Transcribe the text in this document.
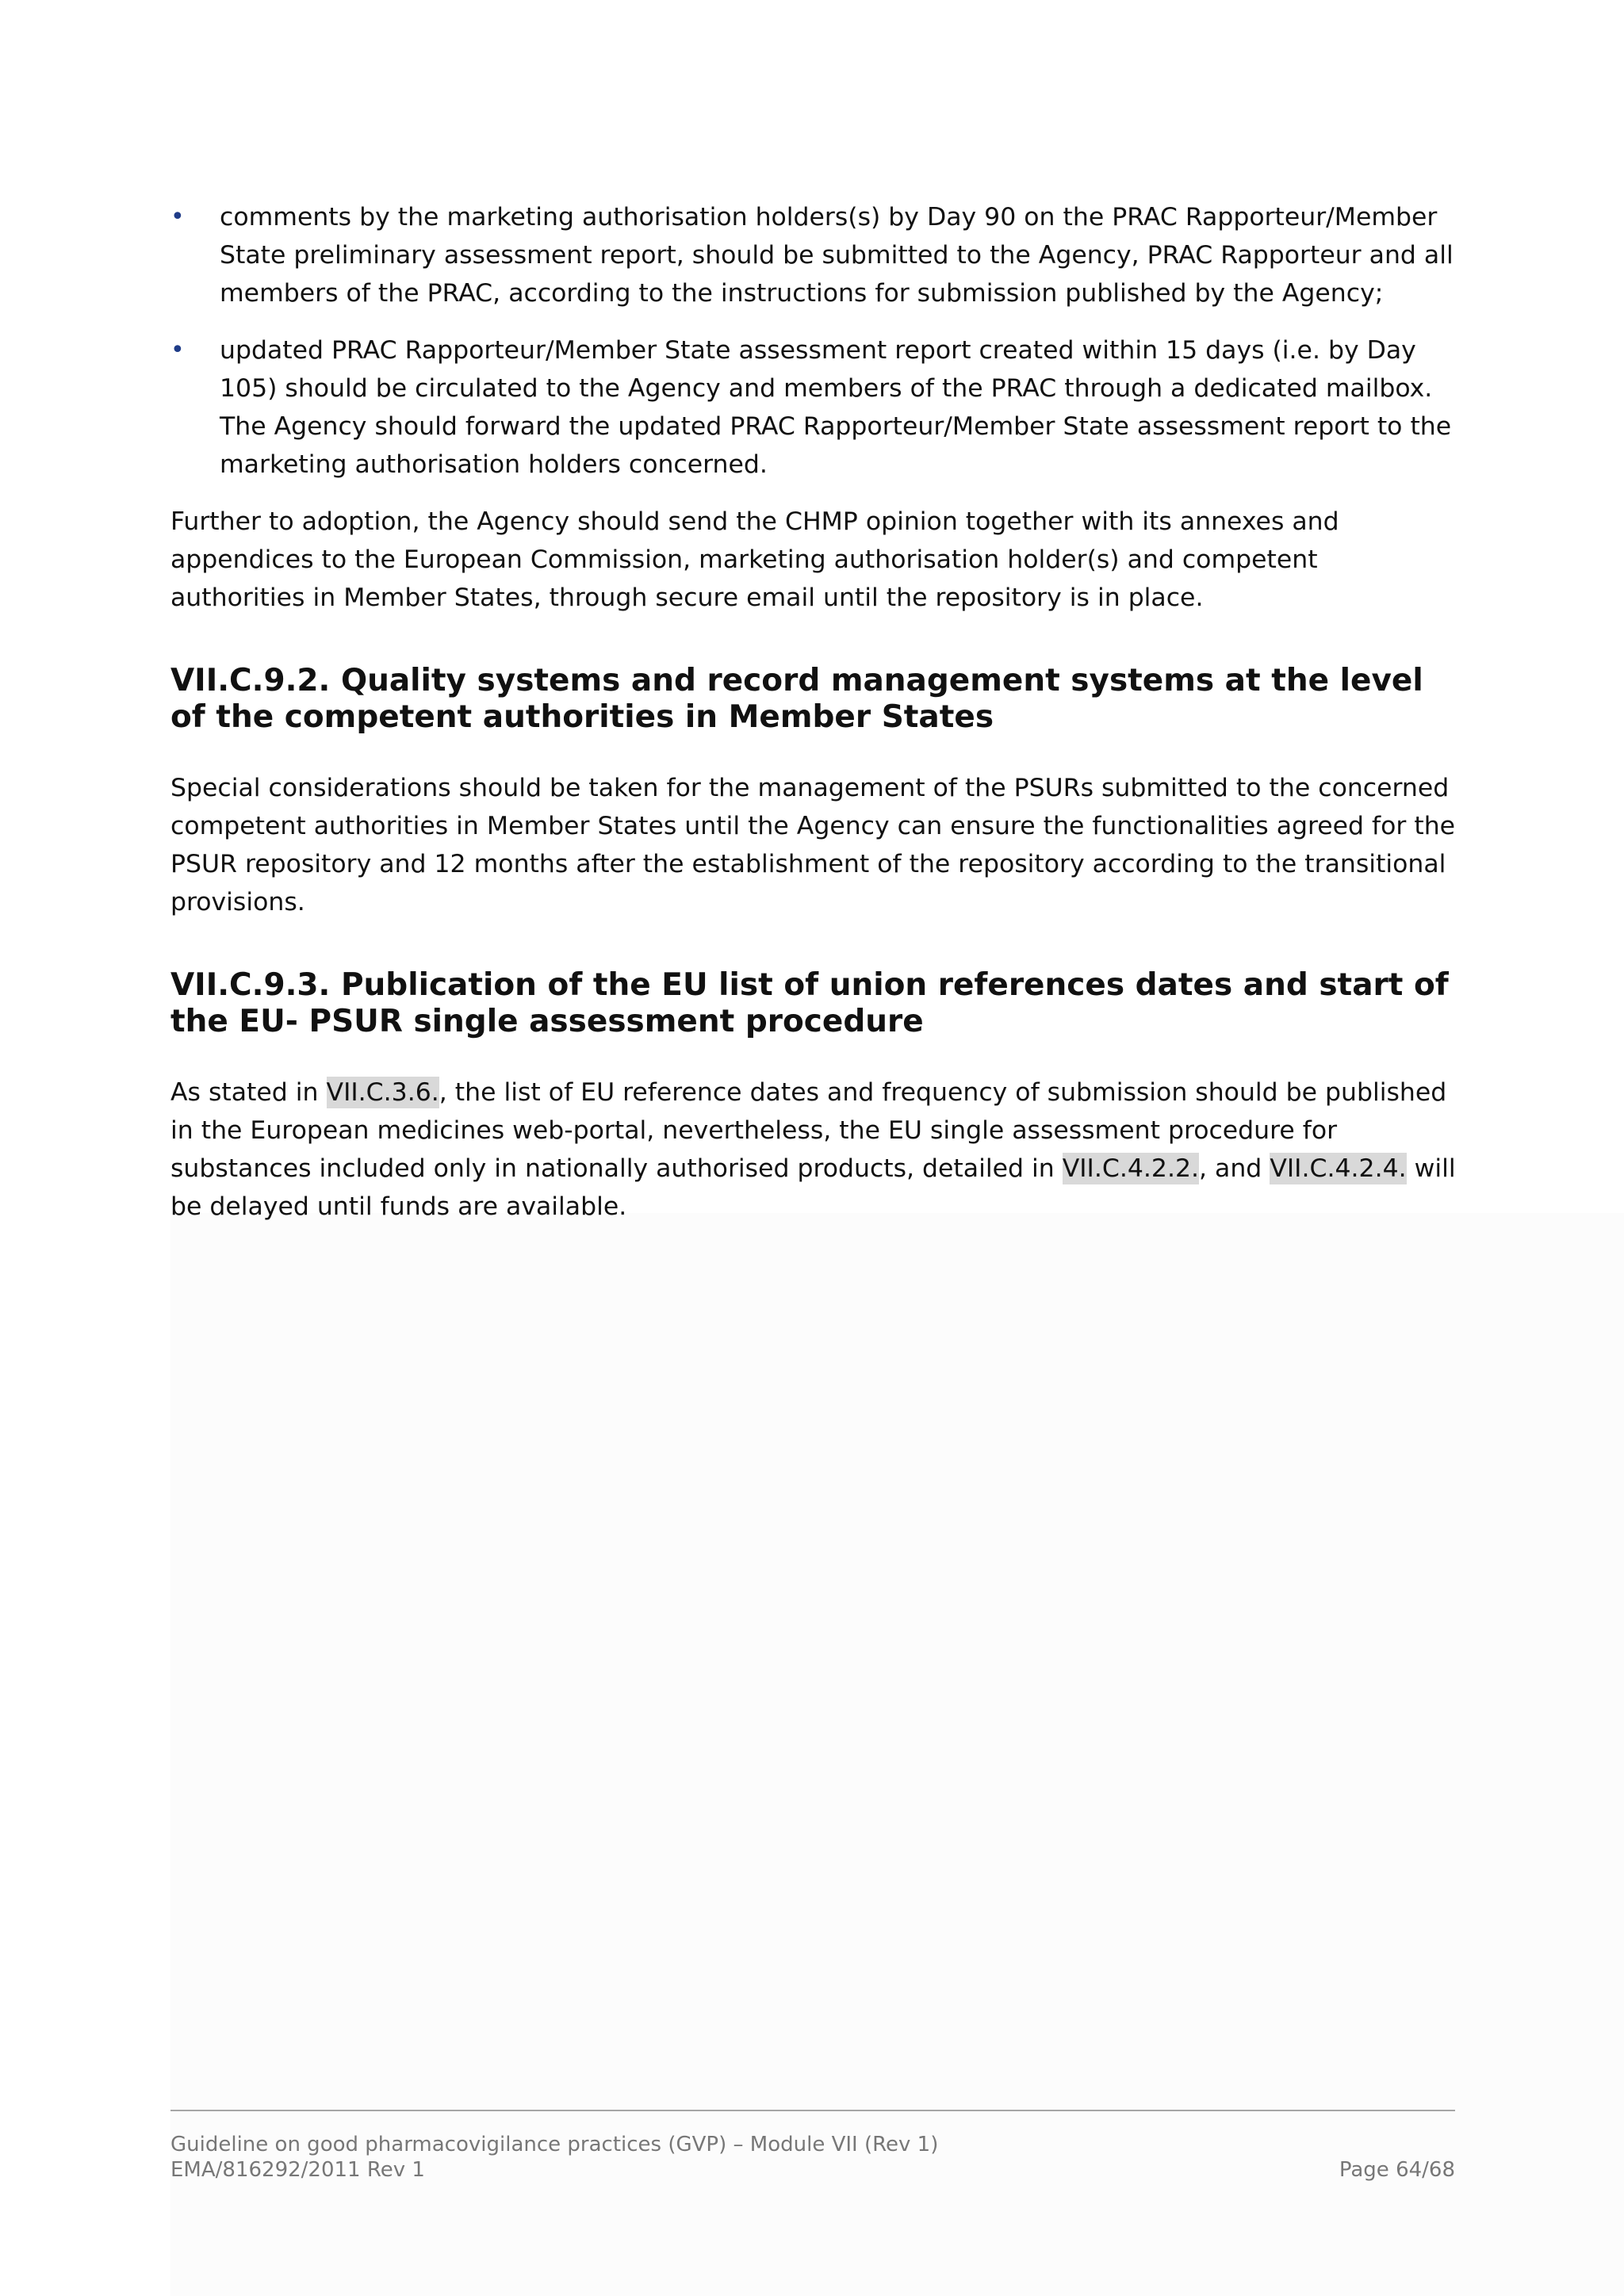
• comments by the marketing authorisation holders(s) by Day 90 on the PRAC Rapporteur/Member State preliminary assessment report, should be submitted to the Agency, PRAC Rapporteur and all members of the PRAC, according to the instructions for submission published by the Agency;
• updated PRAC Rapporteur/Member State assessment report created within 15 days (i.e. by Day 105) should be circulated to the Agency and members of the PRAC through a dedicated mailbox. The Agency should forward the updated PRAC Rapporteur/Member State assessment report to the marketing authorisation holders concerned.

Further to adoption, the Agency should send the CHMP opinion together with its annexes and appendices to the European Commission, marketing authorisation holder(s) and competent authorities in Member States, through secure email until the repository is in place.

VII.C.9.2. Quality systems and record management systems at the level of the competent authorities in Member States

Special considerations should be taken for the management of the PSURs submitted to the concerned competent authorities in Member States until the Agency can ensure the functionalities agreed for the PSUR repository and 12 months after the establishment of the repository according to the transitional provisions.

VII.C.9.3. Publication of the EU list of union references dates and start of the EU- PSUR single assessment procedure

As stated in VII.C.3.6., the list of EU reference dates and frequency of submission should be published in the European medicines web-portal, nevertheless, the EU single assessment procedure for substances included only in nationally authorised products, detailed in VII.C.4.2.2., and VII.C.4.2.4. will be delayed until funds are available.

Guideline on good pharmacovigilance practices (GVP) – Module VII (Rev 1)
EMA/816292/2011 Rev 1	Page 64/68
